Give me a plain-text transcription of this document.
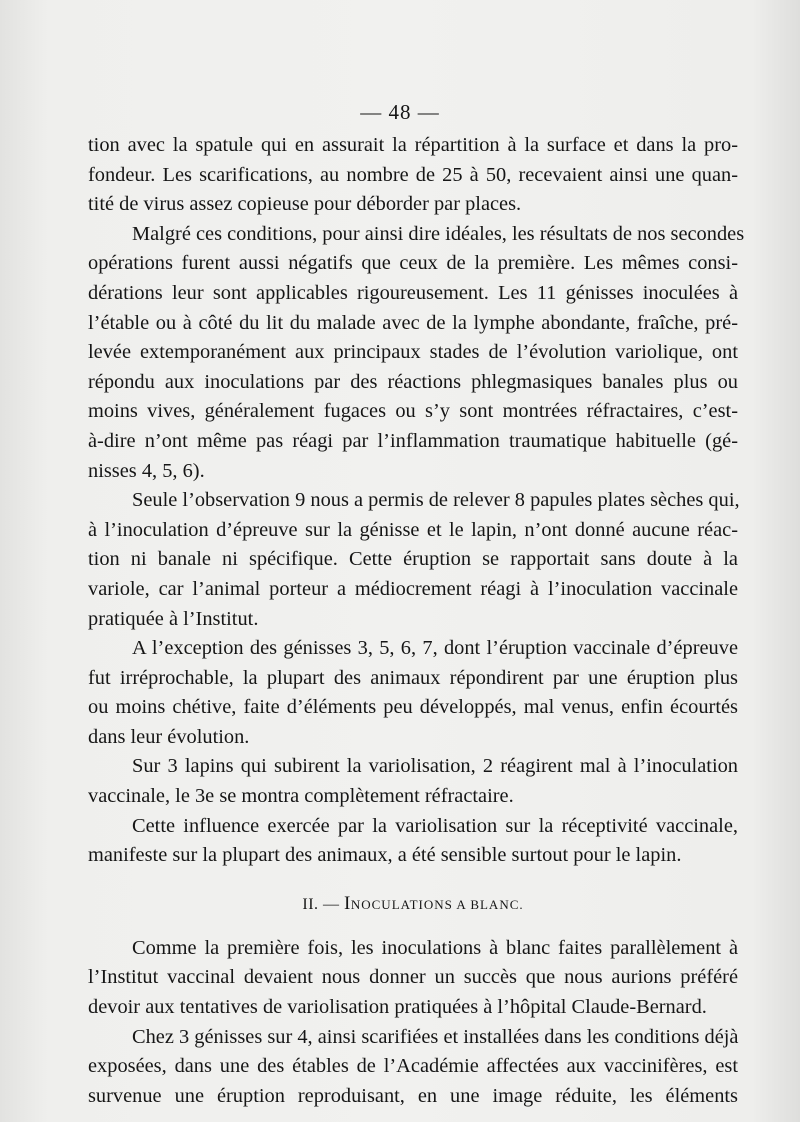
— 48 —
tion avec la spatule qui en assurait la répartition à la surface et dans la pro-
fondeur. Les scarifications, au nombre de 25 à 50, recevaient ainsi une quan-
tité de virus assez copieuse pour déborder par places.
Malgré ces conditions, pour ainsi dire idéales, les résultats de nos secondes
opérations furent aussi négatifs que ceux de la première. Les mêmes consi-
dérations leur sont applicables rigoureusement. Les 11 génisses inoculées à
l’étable ou à côté du lit du malade avec de la lymphe abondante, fraîche, pré-
levée extemporanément aux principaux stades de l’évolution variolique, ont
répondu aux inoculations par des réactions phlegmasiques banales plus ou
moins vives, généralement fugaces ou s’y sont montrées réfractaires, c’est-
à-dire n’ont même pas réagi par l’inflammation traumatique habituelle (gé-
nisses 4, 5, 6).
Seule l’observation 9 nous a permis de relever 8 papules plates sèches qui,
à l’inoculation d’épreuve sur la génisse et le lapin, n’ont donné aucune réac-
tion ni banale ni spécifique. Cette éruption se rapportait sans doute à la
variole, car l’animal porteur a médiocrement réagi à l’inoculation vaccinale
pratiquée à l’Institut.
A l’exception des génisses 3, 5, 6, 7, dont l’éruption vaccinale d’épreuve
fut irréprochable, la plupart des animaux répondirent par une éruption plus
ou moins chétive, faite d’éléments peu développés, mal venus, enfin écourtés
dans leur évolution.
Sur 3 lapins qui subirent la variolisation, 2 réagirent mal à l’inoculation
vaccinale, le 3e se montra complètement réfractaire.
Cette influence exercée par la variolisation sur la réceptivité vaccinale,
manifeste sur la plupart des animaux, a été sensible surtout pour le lapin.
II. — INOCULATIONS A BLANC.
Comme la première fois, les inoculations à blanc faites parallèlement à
l’Institut vaccinal devaient nous donner un succès que nous aurions préféré
devoir aux tentatives de variolisation pratiquées à l’hôpital Claude-Bernard.
Chez 3 génisses sur 4, ainsi scarifiées et installées dans les conditions déjà
exposées, dans une des étables de l’Académie affectées aux vaccinifères, est
survenue une éruption reproduisant, en une image réduite, les éléments
